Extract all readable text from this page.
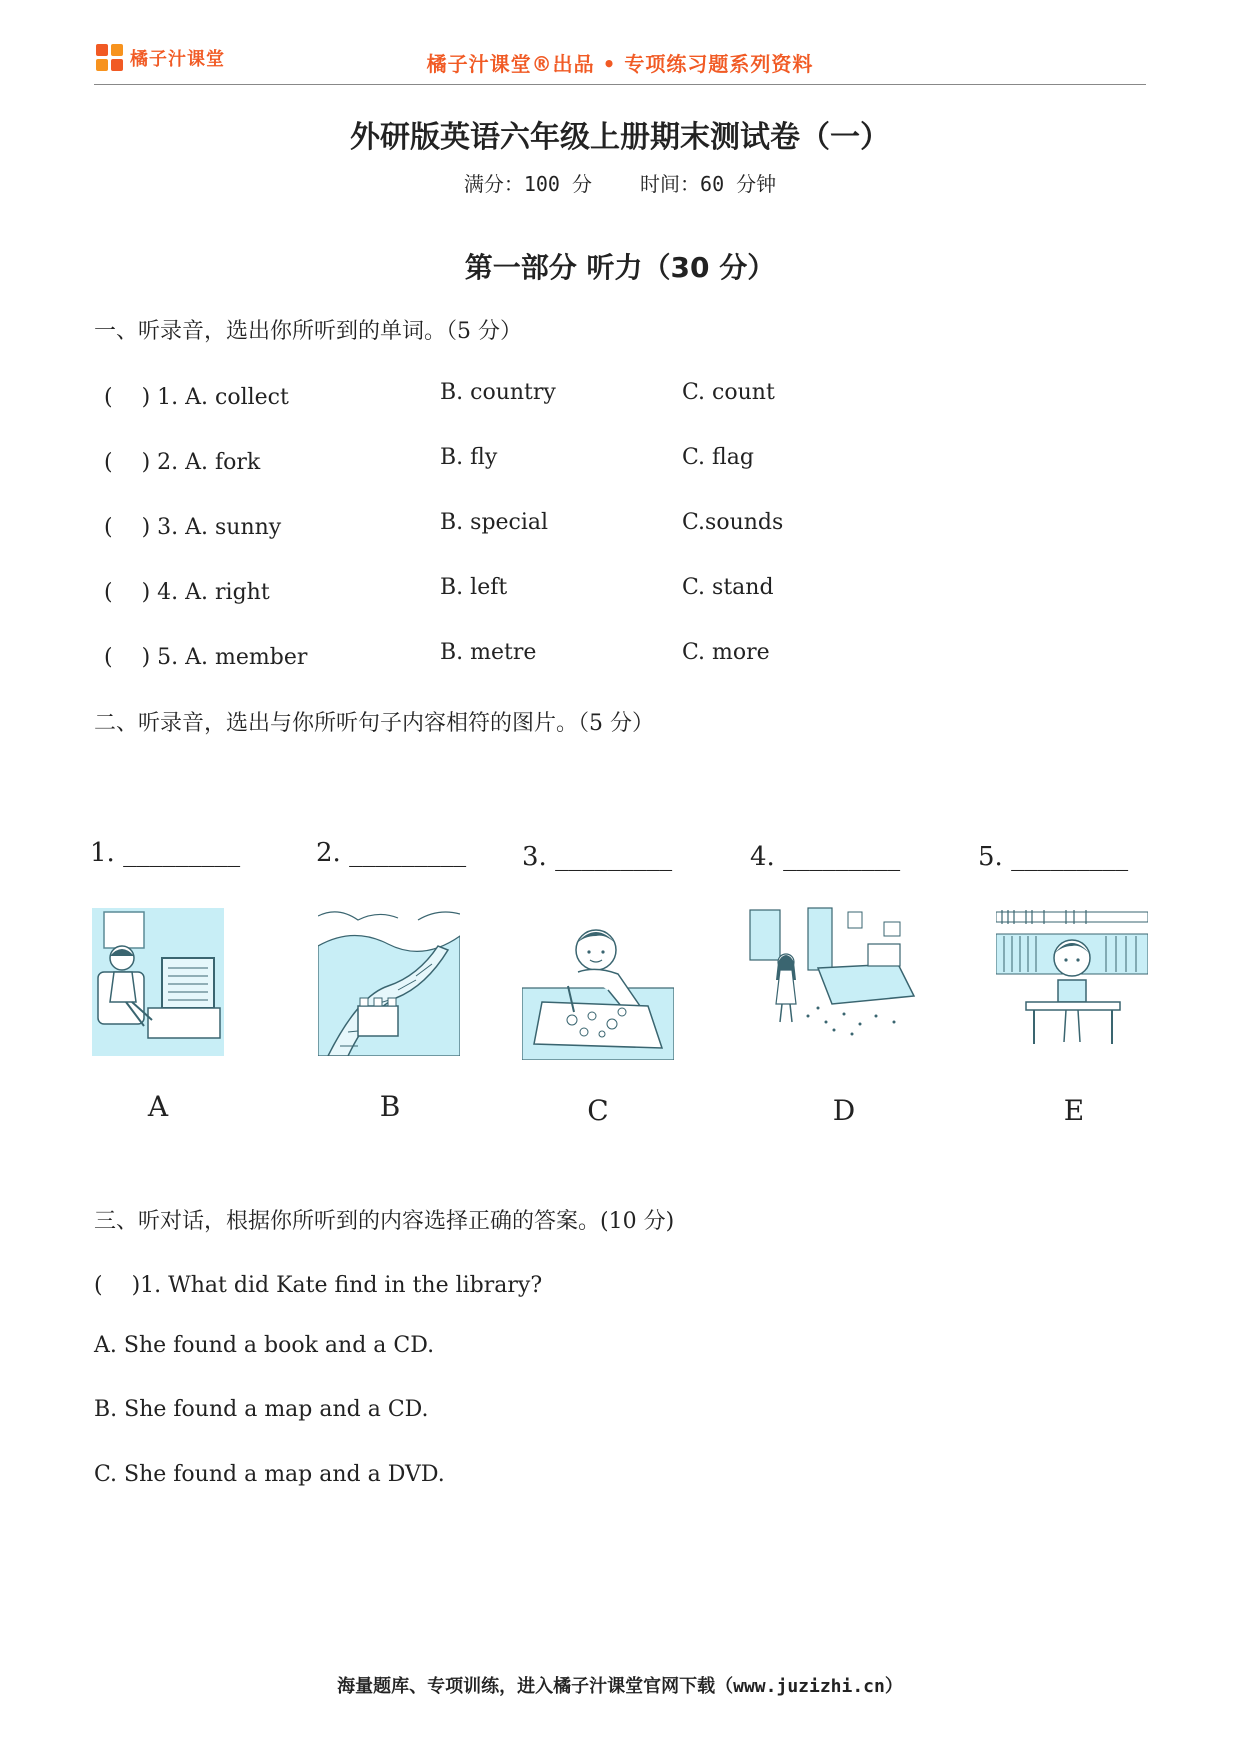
橘子汁课堂	橘子汁课堂®出品 • 专项练习题系列资料
外研版英语六年级上册期末测试卷（一）
满分：100 分 时间：60 分钟
第一部分 听力（30 分）
一、听录音，选出你所听到的单词。（5 分）
(　 ) 1. A. collect	B. country	C. count
(　 ) 2. A. fork	B. fly	C. flag
(　 ) 3. A. sunny	B. special	C.sounds
(　 ) 4. A. right	B. left	C. stand
(　 ) 5. A. member	B. metre	C. more
二、听录音，选出与你所听句子内容相符的图片。（5 分）
1. _________	2. _________ 3. _________	4. _________	5. _________
A	B	C	D	E
三、听对话，根据你所听到的内容选择正确的答案。(10 分)
(　 )1. What did Kate find in the library?
A. She found a book and a CD.
B. She found a map and a CD.
C. She found a map and a DVD.
海量题库、专项训练，进入橘子汁课堂官网下载（www.juzizhi.cn）
